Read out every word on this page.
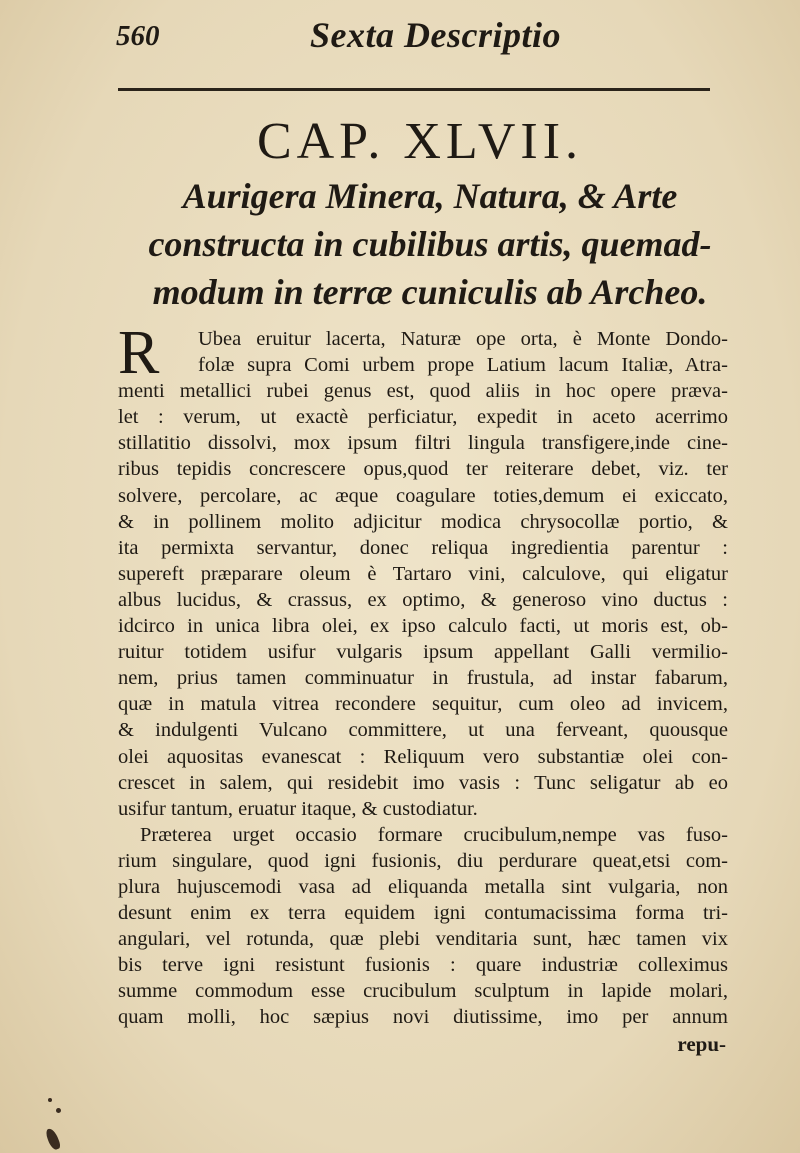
560	Sexta Descriptio
CAP. XLVII.
Aurigera Minera, Natura, & Arte
constructa in cubilibus artis, quemad-
modum in terræ cuniculis ab Archeo.
R	Ubea eruitur lacerta, Naturæ ope orta, è Monte Dondo-
folæ supra Comi urbem prope Latium lacum Italiæ, Atra-
menti metallici rubei genus est, quod aliis in hoc opere præva-
let : verum, ut exactè perficiatur, expedit in aceto acerrimo
stillatitio dissolvi, mox ipsum filtri lingula transfigere,inde cine-
ribus tepidis concrescere opus,quod ter reiterare debet, viz. ter
solvere, percolare, ac æque coagulare toties,demum ei exiccato,
& in pollinem molito adjicitur modica chrysocollæ portio, &
ita permixta servantur, donec reliqua ingredientia parentur :
supereft præparare oleum è Tartaro vini, calculove, qui eligatur
albus lucidus, & crassus, ex optimo, & generoso vino ductus :
idcirco in unica libra olei, ex ipso calculo facti, ut moris est, ob-
ruitur totidem usifur vulgaris ipsum appellant Galli vermilio-
nem, prius tamen comminuatur in frustula, ad instar fabarum,
quæ in matula vitrea recondere sequitur, cum oleo ad invicem,
& indulgenti Vulcano committere, ut una ferveant, quousque
olei aquositas evanescat : Reliquum vero substantiæ olei con-
crescet in salem, qui residebit imo vasis : Tunc seligatur ab eo
usifur tantum, eruatur itaque, & custodiatur.
Præterea urget occasio formare crucibulum,nempe vas fuso-
rium singulare, quod igni fusionis, diu perdurare queat,etsi com-
plura hujuscemodi vasa ad eliquanda metalla sint vulgaria, non
desunt enim ex terra equidem igni contumacissima forma tri-
angulari, vel rotunda, quæ plebi venditaria sunt, hæc tamen vix
bis terve igni resistunt fusionis : quare industriæ colleximus
summe commodum esse crucibulum sculptum in lapide molari,
quam molli, hoc sæpius novi diutissime, imo per annum
repu-
